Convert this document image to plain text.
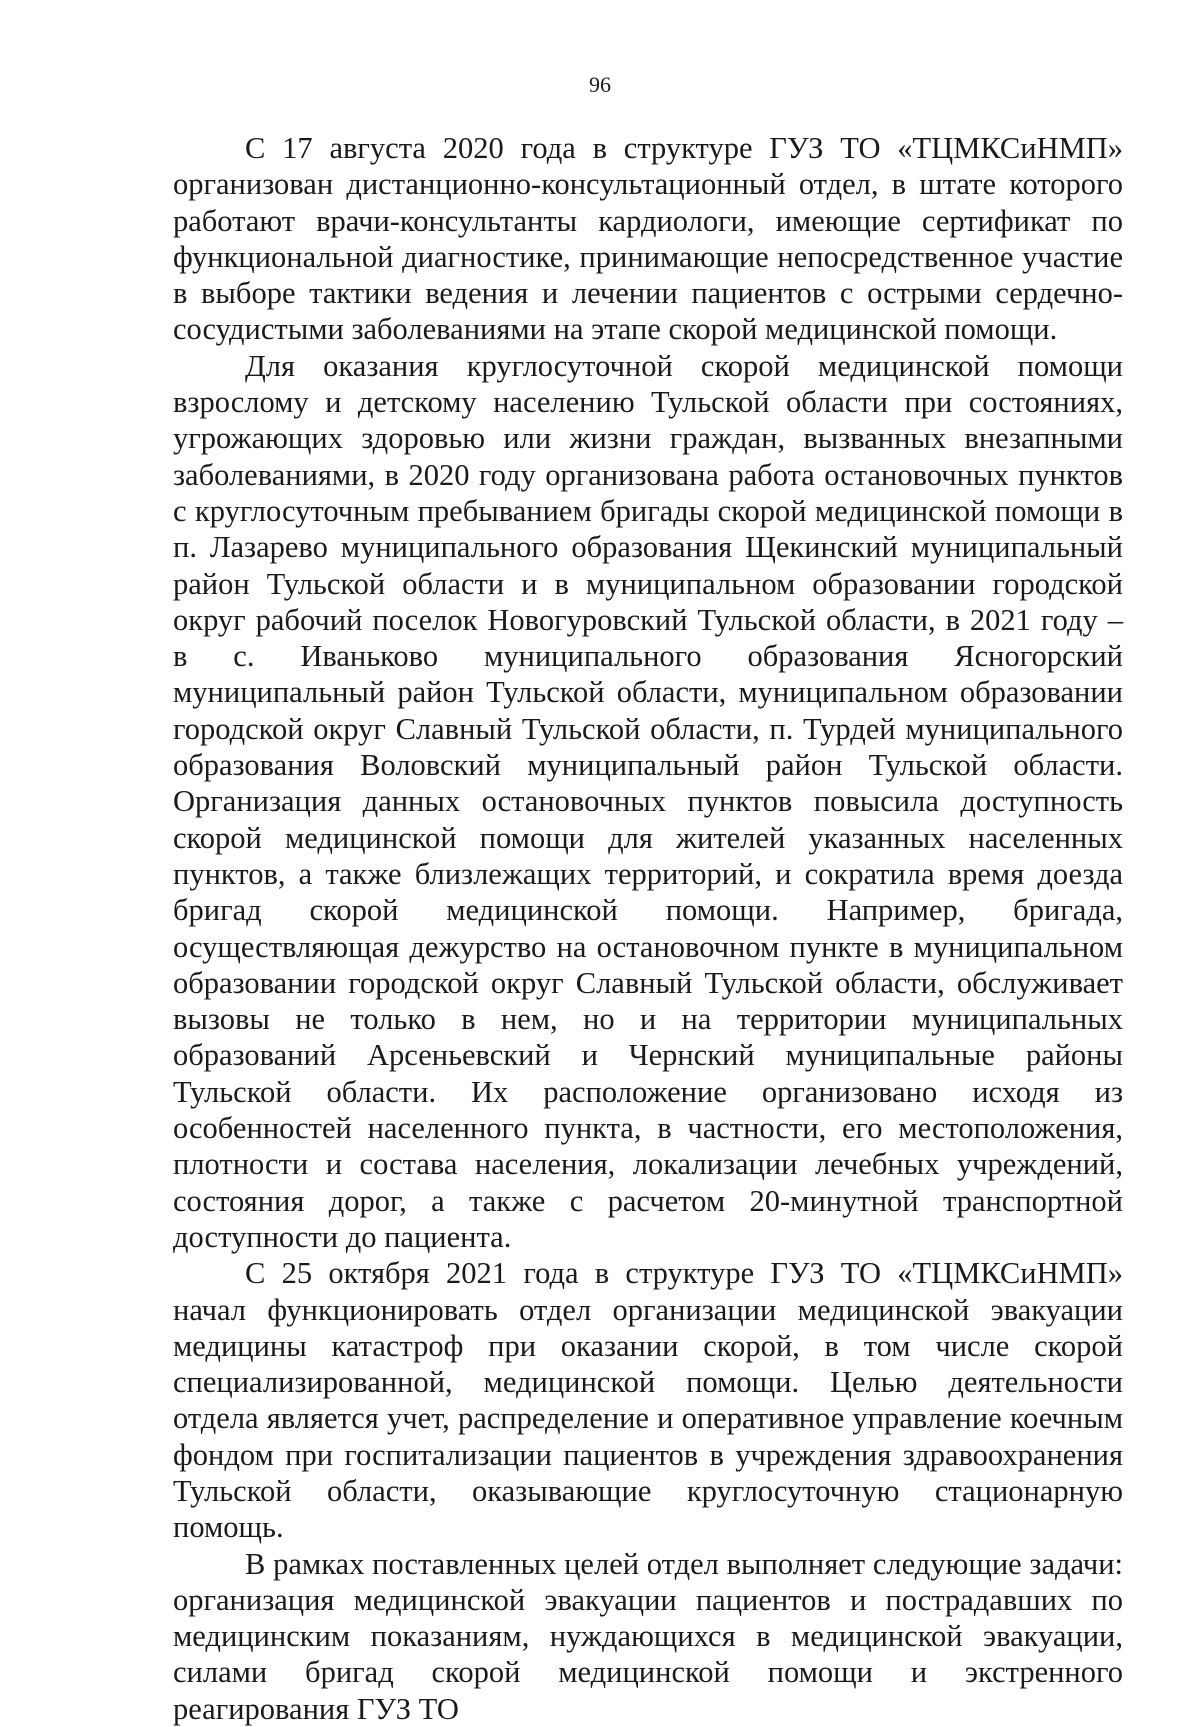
96

С 17 августа 2020 года в структуре ГУЗ ТО «ТЦМКСиНМП» организован дистанционно-консультационный отдел, в штате которого работают врачи-консультанты кардиологи, имеющие сертификат по функциональной диагностике, принимающие непосредственное участие в выборе тактики ведения и лечении пациентов с острыми сердечно-сосудистыми заболеваниями на этапе скорой медицинской помощи.

Для оказания круглосуточной скорой медицинской помощи взрослому и детскому населению Тульской области при состояниях, угрожающих здоровью или жизни граждан, вызванных внезапными заболеваниями, в 2020 году организована работа остановочных пунктов с круглосуточным пребыванием бригады скорой медицинской помощи в п. Лазарево муниципального образования Щекинский муниципальный район Тульской области и в муниципальном образовании городской округ рабочий поселок Новогуровский Тульской области, в 2021 году – в с. Иваньково муниципального образования Ясногорский муниципальный район Тульской области, муниципальном образовании городской округ Славный Тульской области, п. Турдей муниципального образования Воловский муниципальный район Тульской области. Организация данных остановочных пунктов повысила доступность скорой медицинской помощи для жителей указанных населенных пунктов, а также близлежащих территорий, и сократила время доезда бригад скорой медицинской помощи. Например, бригада, осуществляющая дежурство на остановочном пункте в муниципальном образовании городской округ Славный Тульской области, обслуживает вызовы не только в нем, но и на территории муниципальных образований Арсеньевский и Чернский муниципальные районы Тульской области. Их расположение организовано исходя из особенностей населенного пункта, в частности, его местоположения, плотности и состава населения, локализации лечебных учреждений, состояния дорог, а также с расчетом 20-минутной транспортной доступности до пациента.

С 25 октября 2021 года в структуре ГУЗ ТО «ТЦМКСиНМП» начал функционировать отдел организации медицинской эвакуации медицины катастроф при оказании скорой, в том числе скорой специализированной, медицинской помощи. Целью деятельности отдела является учет, распределение и оперативное управление коечным фондом при госпитализации пациентов в учреждения здравоохранения Тульской области, оказывающие круглосуточную стационарную помощь.

В рамках поставленных целей отдел выполняет следующие задачи: организация медицинской эвакуации пациентов и пострадавших по медицинским показаниям, нуждающихся в медицинской эвакуации, силами бригад скорой медицинской помощи и экстренного реагирования ГУЗ ТО
